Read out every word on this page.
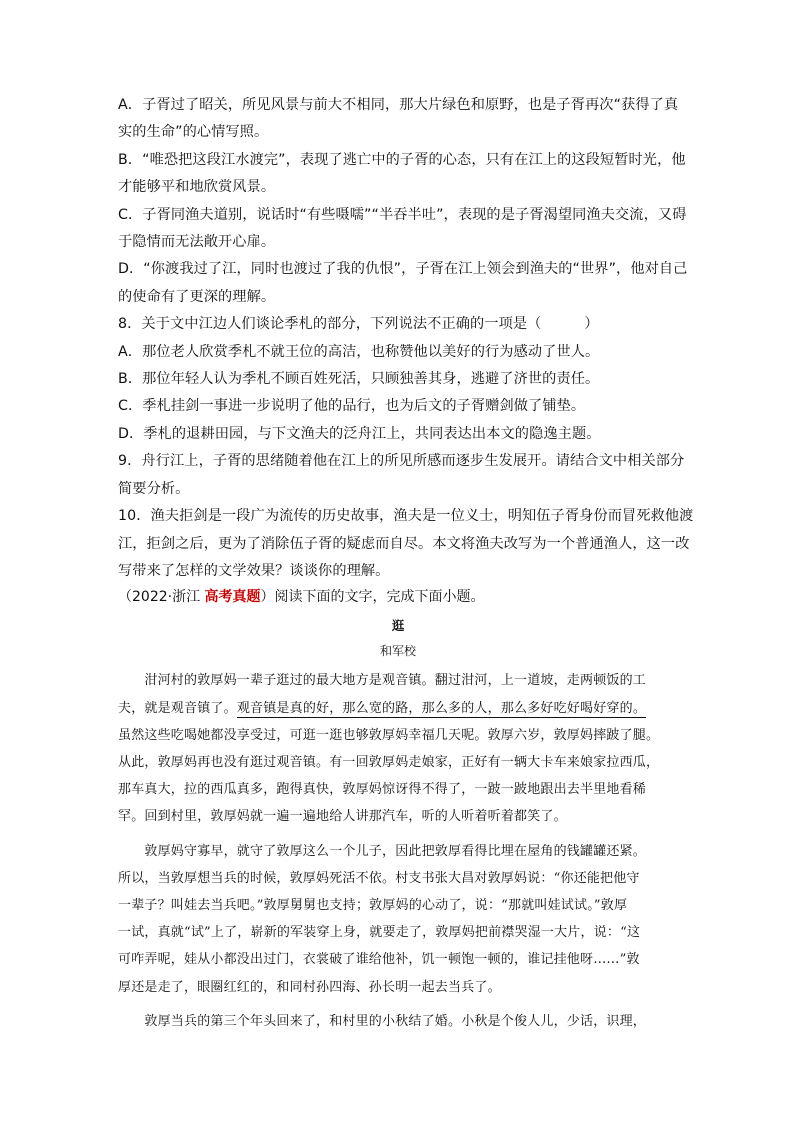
A．子胥过了昭关，所见风景与前大不相同，那大片绿色和原野，也是子胥再次“获得了真
实的生命”的心情写照。
B．“唯恐把这段江水渡完”，表现了逃亡中的子胥的心态，只有在江上的这段短暂时光，他
才能够平和地欣赏风景。
C．子胥同渔夫道别，说话时“有些嗫嚅”“半吞半吐”，表现的是子胥渴望同渔夫交流，又碍
于隐情而无法敞开心扉。
D．“你渡我过了江，同时也渡过了我的仇恨”，子胥在江上领会到渔夫的“世界”，他对自己
的使命有了更深的理解。
8．关于文中江边人们谈论季札的部分，下列说法不正确的一项是（　　　）
A．那位老人欣赏季札不就王位的高洁，也称赞他以美好的行为感动了世人。
B．那位年轻人认为季札不顾百姓死活，只顾独善其身，逃避了济世的责任。
C．季札挂剑一事进一步说明了他的品行，也为后文的子胥赠剑做了铺垫。
D．季札的退耕田园，与下文渔夫的泛舟江上，共同表达出本文的隐逸主题。
9．舟行江上，子胥的思绪随着他在江上的所见所感而逐步生发展开。请结合文中相关部分
简要分析。
10．渔夫拒剑是一段广为流传的历史故事，渔夫是一位义士，明知伍子胥身份而冒死救他渡
江，拒剑之后，更为了消除伍子胥的疑虑而自尽。本文将渔夫改写为一个普通渔人，这一改
写带来了怎样的文学效果？谈谈你的理解。
（2022·浙江 高考真题）阅读下面的文字，完成下面小题。
逛
和军校
　　泔河村的敦厚妈一辈子逛过的最大地方是观音镇。翻过泔河，上一道坡，走两顿饭的工
夫，就是观音镇了。观音镇是真的好，那么宽的路，那么多的人，那么多好吃好喝好穿的。
虽然这些吃喝她都没享受过，可逛一逛也够敦厚妈幸福几天呢。敦厚六岁，敦厚妈摔跛了腿。
从此，敦厚妈再也没有逛过观音镇。有一回敦厚妈走娘家，正好有一辆大卡车来娘家拉西瓜，
那车真大，拉的西瓜真多，跑得真快，敦厚妈惊讶得不得了，一跛一跛地跟出去半里地看稀
罕。回到村里，敦厚妈就一遍一遍地给人讲那汽车，听的人听着听着都笑了。
　　敦厚妈守寡早，就守了敦厚这么一个儿子，因此把敦厚看得比埋在屋角的钱罐罐还紧。
所以，当敦厚想当兵的时候，敦厚妈死活不依。村支书张大昌对敦厚妈说：“你还能把他守
一辈子？叫娃去当兵吧。”敦厚舅舅也支持；敦厚妈的心动了，说：“那就叫娃试试。”敦厚
一试，真就“试”上了，崭新的军装穿上身，就要走了，敦厚妈把前襟哭湿一大片，说：“这
可咋弄呢，娃从小都没出过门，衣裳破了谁给他补，饥一顿饱一顿的，谁记挂他呀……”敦
厚还是走了，眼圈红红的，和同村孙四海、孙长明一起去当兵了。
　　敦厚当兵的第三个年头回来了，和村里的小秋结了婚。小秋是个俊人儿，少话，识理，
